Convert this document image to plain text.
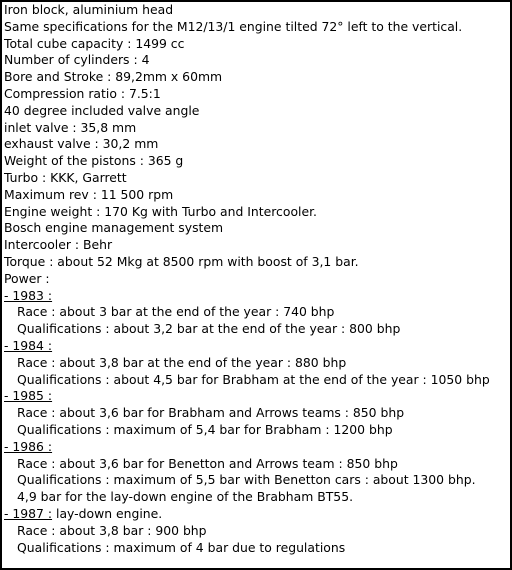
Iron block, aluminium head
Same specifications for the M12/13/1 engine tilted 72° left to the vertical.
Total cube capacity : 1499 cc
Number of cylinders : 4
Bore and Stroke : 89,2mm x 60mm
Compression ratio : 7.5:1
40 degree included valve angle
inlet valve : 35,8 mm
exhaust valve : 30,2 mm
Weight of the pistons : 365 g
Turbo : KKK, Garrett
Maximum rev : 11 500 rpm
Engine weight : 170 Kg with Turbo and Intercooler.
Bosch engine management system
Intercooler : Behr
Torque : about 52 Mkg at 8500 rpm with boost of 3,1 bar.
Power :
- 1983 :
Race : about 3 bar at the end of the year : 740 bhp
Qualifications : about 3,2 bar at the end of the year : 800 bhp
- 1984 :
Race : about 3,8 bar at the end of the year : 880 bhp
Qualifications : about 4,5 bar for Brabham at the end of the year : 1050 bhp
- 1985 :
Race : about 3,6 bar for Brabham and Arrows teams : 850 bhp
Qualifications : maximum of 5,4 bar for Brabham : 1200 bhp
- 1986 :
Race : about 3,6 bar for Benetton and Arrows team : 850 bhp
Qualifications : maximum of 5,5 bar with Benetton cars : about 1300 bhp.
4,9 bar for the lay-down engine of the Brabham BT55.
- 1987 : lay-down engine.
Race : about 3,8 bar : 900 bhp
Qualifications : maximum of 4 bar due to regulations
